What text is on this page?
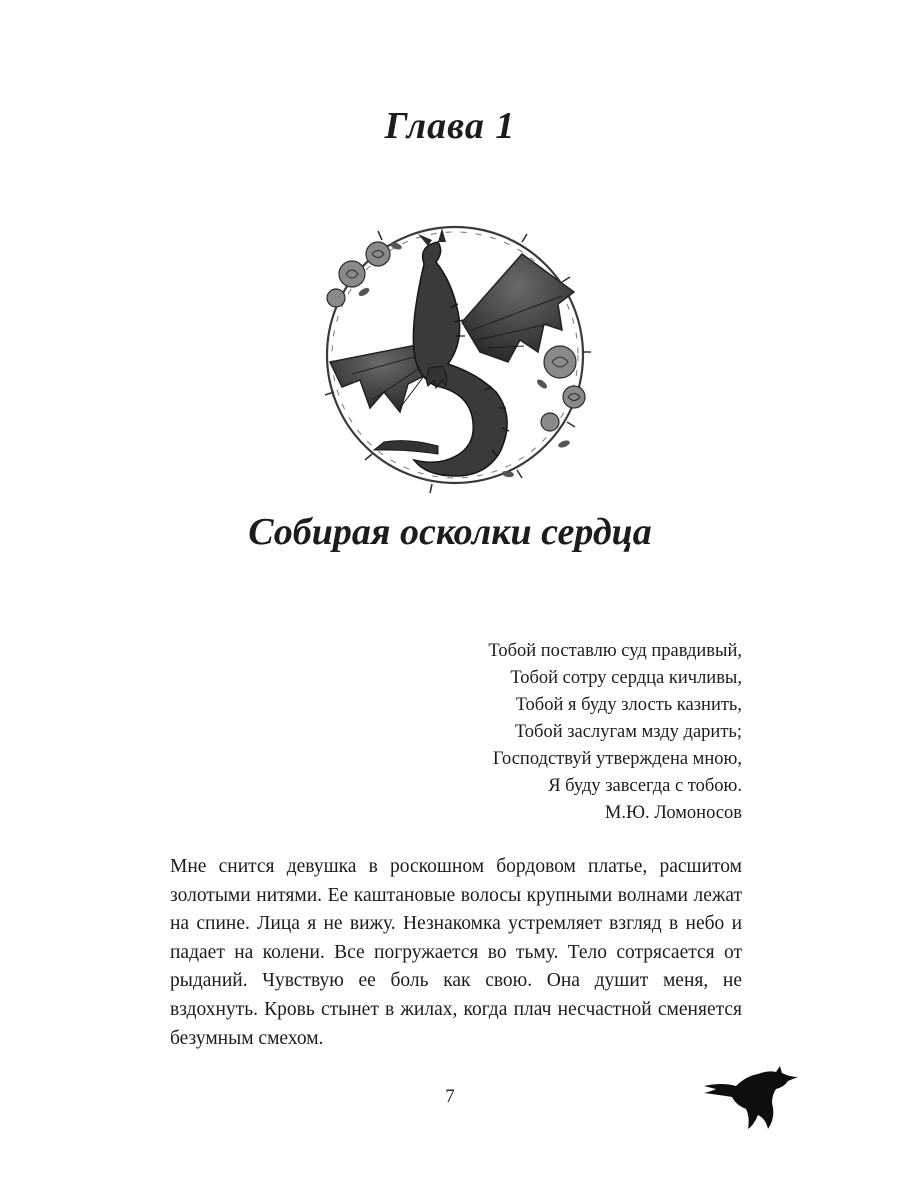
Глава 1
Собирая осколки сердца
Тобой поставлю суд правдивый,
Тобой сотру сердца кичливы,
Тобой я буду злость казнить,
Тобой заслугам мзду дарить;
Господствуй утверждена мною,
Я буду завсегда с тобою.
М.Ю. Ломоносов

Мне снится девушка в роскошном бордовом платье, расшитом золотыми нитями. Ее каштановые волосы крупными волнами лежат на спине. Лица я не вижу. Незнакомка устремляет взгляд в небо и падает на колени. Все погружается во тьму. Тело сотрясается от рыданий. Чувствую ее боль как свою. Она душит меня, не вздохнуть. Кровь стынет в жилах, когда плач несчастной сменяется безумным смехом.

7
